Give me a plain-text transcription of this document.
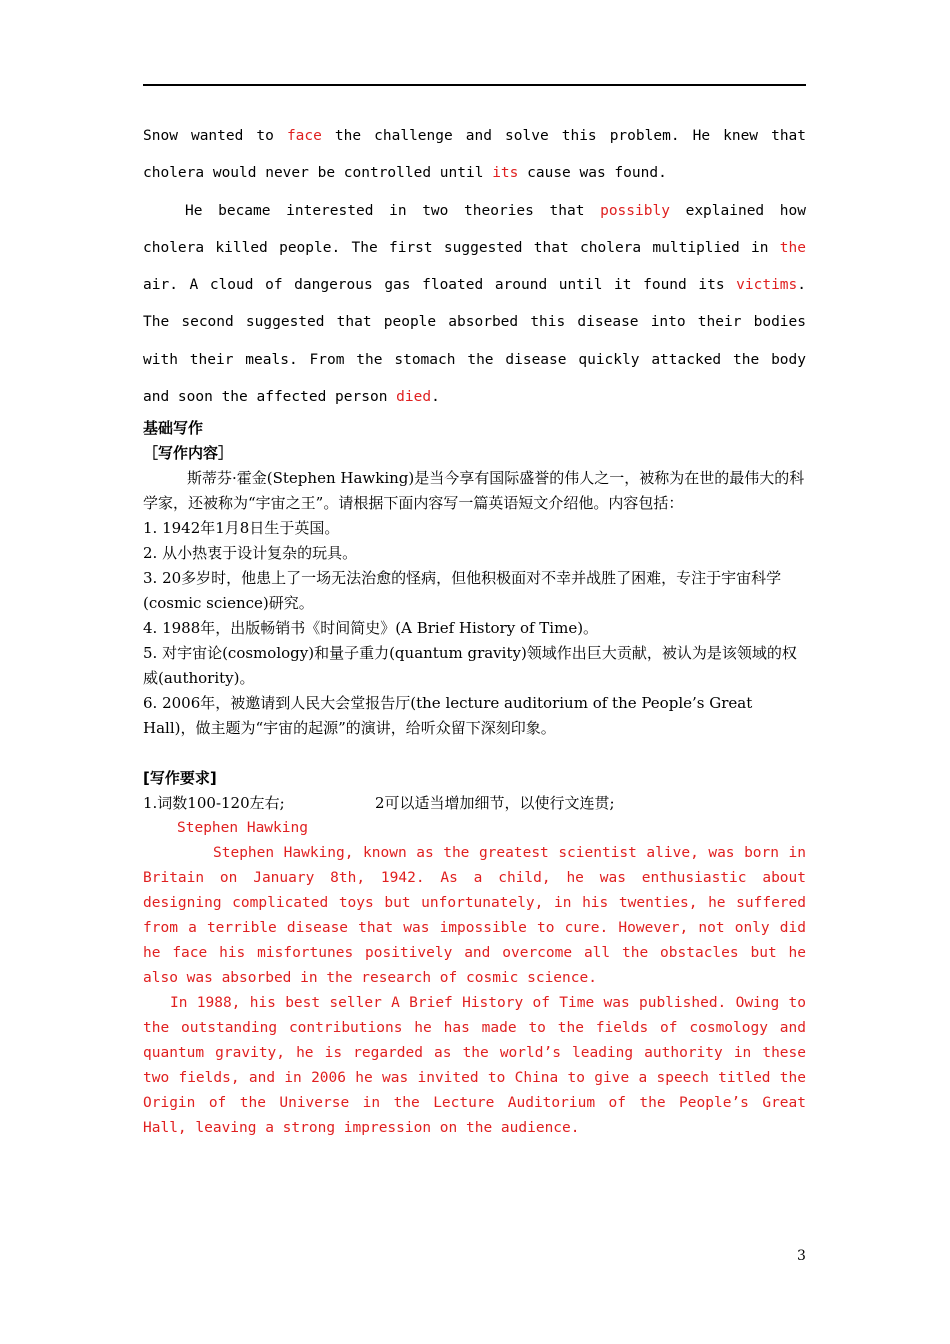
Snow wanted to face the challenge and solve this problem. He knew that cholera would never be controlled until its cause was found.

He became interested in two theories that possibly explained how cholera killed people. The first suggested that cholera multiplied in the air. A cloud of dangerous gas floated around until it found its victims. The second suggested that people absorbed this disease into their bodies with their meals. From the stomach the disease quickly attacked the body and soon the affected person died.

基础写作

［写作内容］

斯蒂芬·霍金(Stephen Hawking)是当今享有国际盛誉的伟人之一，被称为在世的最伟大的科学家，还被称为“宇宙之王”。请根据下面内容写一篇英语短文介绍他。内容包括：

1. 1942年1月8日生于英国。

2. 从小热衷于设计复杂的玩具。

3. 20多岁时，他患上了一场无法治愈的怪病，但他积极面对不幸并战胜了困难，专注于宇宙科学(cosmic science)研究。

4. 1988年，出版畅销书《时间简史》(A Brief History of Time)。

5. 对宇宙论(cosmology)和量子重力(quantum gravity)领域作出巨大贡献，被认为是该领域的权威(authority)。

6. 2006年，被邀请到人民大会堂报告厅(the lecture auditorium of the People’s Great Hall)，做主题为“宇宙的起源”的演讲，给听众留下深刻印象。

[写作要求]

1.词数100-120左右;	2可以适当增加细节，以使行文连贯;

Stephen Hawking

Stephen Hawking, known as the greatest scientist alive, was born in Britain on January 8th, 1942. As a child, he was enthusiastic about designing complicated toys but unfortunately, in his twenties, he suffered from a terrible disease that was impossible to cure. However, not only did he face his misfortunes positively and overcome all the obstacles but he also was absorbed in the research of cosmic science.

In 1988, his best seller A Brief History of Time was published. Owing to the outstanding contributions he has made to the fields of cosmology and quantum gravity, he is regarded as the world’s leading authority in these two fields, and in 2006 he was invited to China to give a speech titled the Origin of the Universe in the Lecture Auditorium of the People’s Great Hall, leaving a strong impression on the audience.

3
